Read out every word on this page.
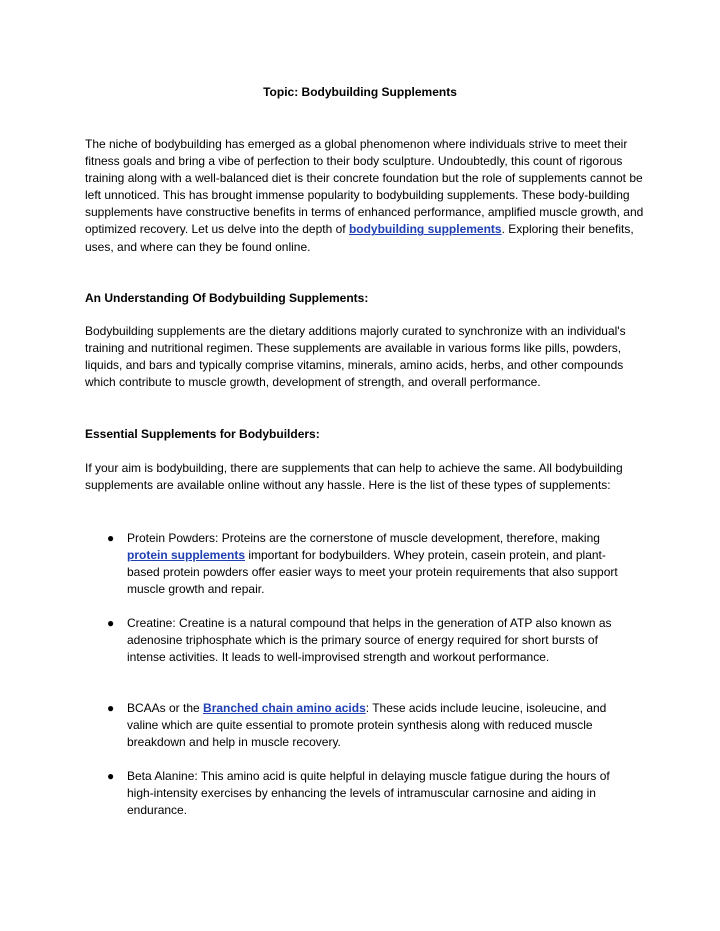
Topic: Bodybuilding Supplements

The niche of bodybuilding has emerged as a global phenomenon where individuals strive to meet their fitness goals and bring a vibe of perfection to their body sculpture. Undoubtedly, this count of rigorous training along with a well-balanced diet is their concrete foundation but the role of supplements cannot be left unnoticed. This has brought immense popularity to bodybuilding supplements. These body-building supplements have constructive benefits in terms of enhanced performance, amplified muscle growth, and optimized recovery. Let us delve into the depth of bodybuilding supplements. Exploring their benefits, uses, and where can they be found online.

An Understanding Of Bodybuilding Supplements:

Bodybuilding supplements are the dietary additions majorly curated to synchronize with an individual's training and nutritional regimen. These supplements are available in various forms like pills, powders, liquids, and bars and typically comprise vitamins, minerals, amino acids, herbs, and other compounds which contribute to muscle growth, development of strength, and overall performance.

Essential Supplements for Bodybuilders:

If your aim is bodybuilding, there are supplements that can help to achieve the same. All bodybuilding supplements are available online without any hassle. Here is the list of these types of supplements:

● Protein Powders: Proteins are the cornerstone of muscle development, therefore, making protein supplements important for bodybuilders. Whey protein, casein protein, and plant-based protein powders offer easier ways to meet your protein requirements that also support muscle growth and repair.

● Creatine: Creatine is a natural compound that helps in the generation of ATP also known as adenosine triphosphate which is the primary source of energy required for short bursts of intense activities. It leads to well-improvised strength and workout performance.

● BCAAs or the Branched chain amino acids: These acids include leucine, isoleucine, and valine which are quite essential to promote protein synthesis along with reduced muscle breakdown and help in muscle recovery.

● Beta Alanine: This amino acid is quite helpful in delaying muscle fatigue during the hours of high-intensity exercises by enhancing the levels of intramuscular carnosine and aiding in endurance.
